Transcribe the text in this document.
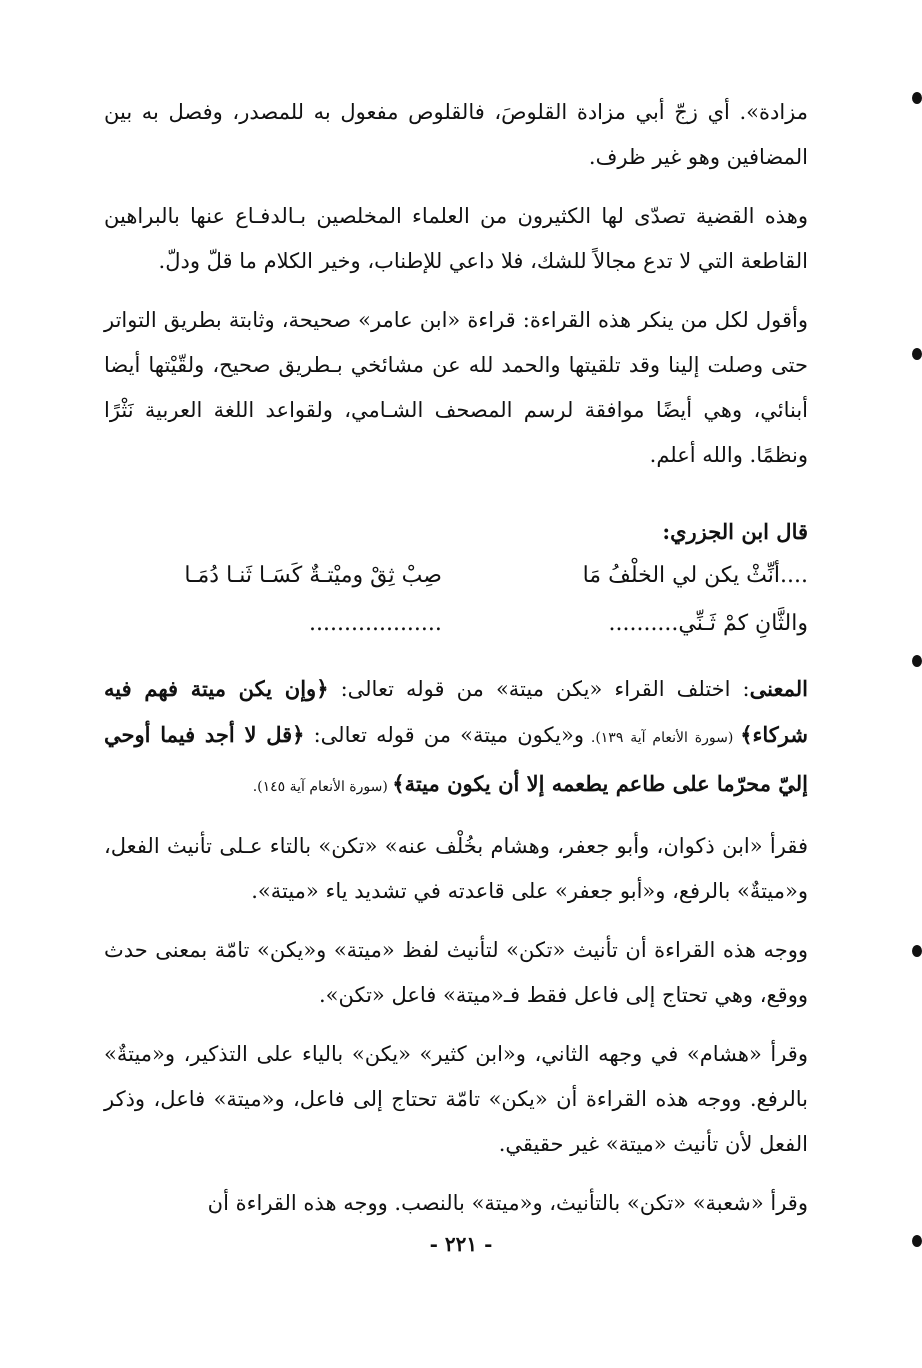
مزادة». أي زجّ أبي مزادة القلوصَ، فالقلوص مفعول به للمصدر، وفصل به بين المضافين وهو غير ظرف.

وهذه القضية تصدّى لها الكثيرون من العلماء المخلصين بـالدفـاع عنها بالبراهين القاطعة التي لا تدع مجالاً للشك، فلا داعي للإطناب، وخير الكلام ما قلّ ودلّ.

وأقول لكل من ينكر هذه القراءة: قراءة «ابن عامر» صحيحة، وثابتة بطريق التواتر حتى وصلت إلينا وقد تلقيتها والحمد لله عن مشائخي بـطريق صحيح، ولقّيْتها أيضا أبنائي، وهي أيضًا موافقة لرسم المصحف الشـامي، ولقواعد اللغة العربية نَثْرًا ونظمًا. والله أعلم.

قال ابن الجزري:

....أنِّثْ يكن لي الخلْفُ مَا
صِبْ ثِقْ وميْتـةٌ كَسَـا ثَنـا دُمَـا
والثَّانِ كمْ ثَـنِّي..........
...................

المعنى: اختلف القراء «يكن ميتة» من قوله تعالى: ﴿وإن يكن ميتة فهم فيه شركاء﴾ (سورة الأنعام آية ١٣٩). و«يكون ميتة» من قوله تعالى: ﴿قل لا أجد فيما أوحي إليّ محرّما على طاعم يطعمه إلا أن يكون ميتة﴾ (سورة الأنعام آية ١٤٥).

فقرأ «ابن ذكوان، وأبو جعفر، وهشام بخُلْف عنه» «تكن» بالتاء عـلى تأنيث الفعل، و«ميتةٌ» بالرفع، و«أبو جعفر» على قاعدته في تشديد ياء «ميتة».

ووجه هذه القراءة أن تأنيث «تكن» لتأنيث لفظ «ميتة» و«يكن» تامّة بمعنى حدث ووقع، وهي تحتاج إلى فاعل فقط فـ«ميتة» فاعل «تكن».

وقرأ «هشام» في وجهه الثاني، و«ابن كثير» «يكن» بالياء على التذكير، و«ميتةٌ» بالرفع. ووجه هذه القراءة أن «يكن» تامّة تحتاج إلى فاعل، و«ميتة» فاعل، وذكر الفعل لأن تأنيث «ميتة» غير حقيقي.

وقرأ «شعبة» «تكن» بالتأنيث، و«ميتة» بالنصب. ووجه هذه القراءة أن

- ٢٢١ -
